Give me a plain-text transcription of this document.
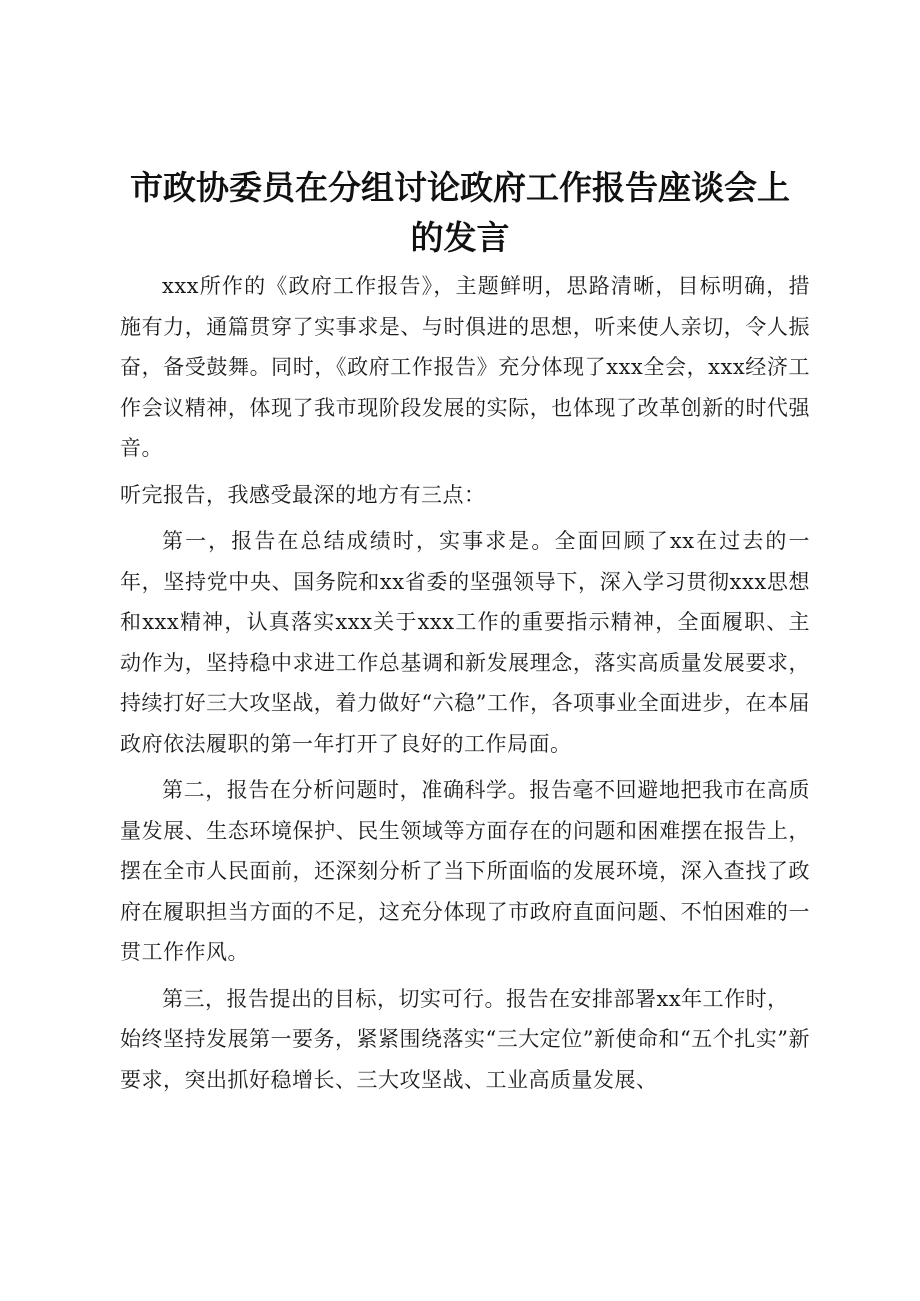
市政协委员在分组讨论政府工作报告座谈会上
的发言

xxx所作的《政府工作报告》，主题鲜明，思路清晰，目标明确，措施有力，通篇贯穿了实事求是、与时俱进的思想，听来使人亲切，令人振奋，备受鼓舞。同时，《政府工作报告》充分体现了xxx全会，xxx经济工作会议精神，体现了我市现阶段发展的实际，也体现了改革创新的时代强音。

听完报告，我感受最深的地方有三点：

第一，报告在总结成绩时，实事求是。全面回顾了xx在过去的一年，坚持党中央、国务院和xx省委的坚强领导下，深入学习贯彻xxx思想和xxx精神，认真落实xxx关于xxx工作的重要指示精神，全面履职、主动作为，坚持稳中求进工作总基调和新发展理念，落实高质量发展要求，持续打好三大攻坚战，着力做好“六稳”工作，各项事业全面进步，在本届政府依法履职的第一年打开了良好的工作局面。

第二，报告在分析问题时，准确科学。报告毫不回避地把我市在高质量发展、生态环境保护、民生领域等方面存在的问题和困难摆在报告上，摆在全市人民面前，还深刻分析了当下所面临的发展环境，深入查找了政府在履职担当方面的不足，这充分体现了市政府直面问题、不怕困难的一贯工作作风。

第三，报告提出的目标，切实可行。报告在安排部署xx年工作时，始终坚持发展第一要务，紧紧围绕落实“三大定位”新使命和“五个扎实”新要求，突出抓好稳增长、三大攻坚战、工业高质量发展、
